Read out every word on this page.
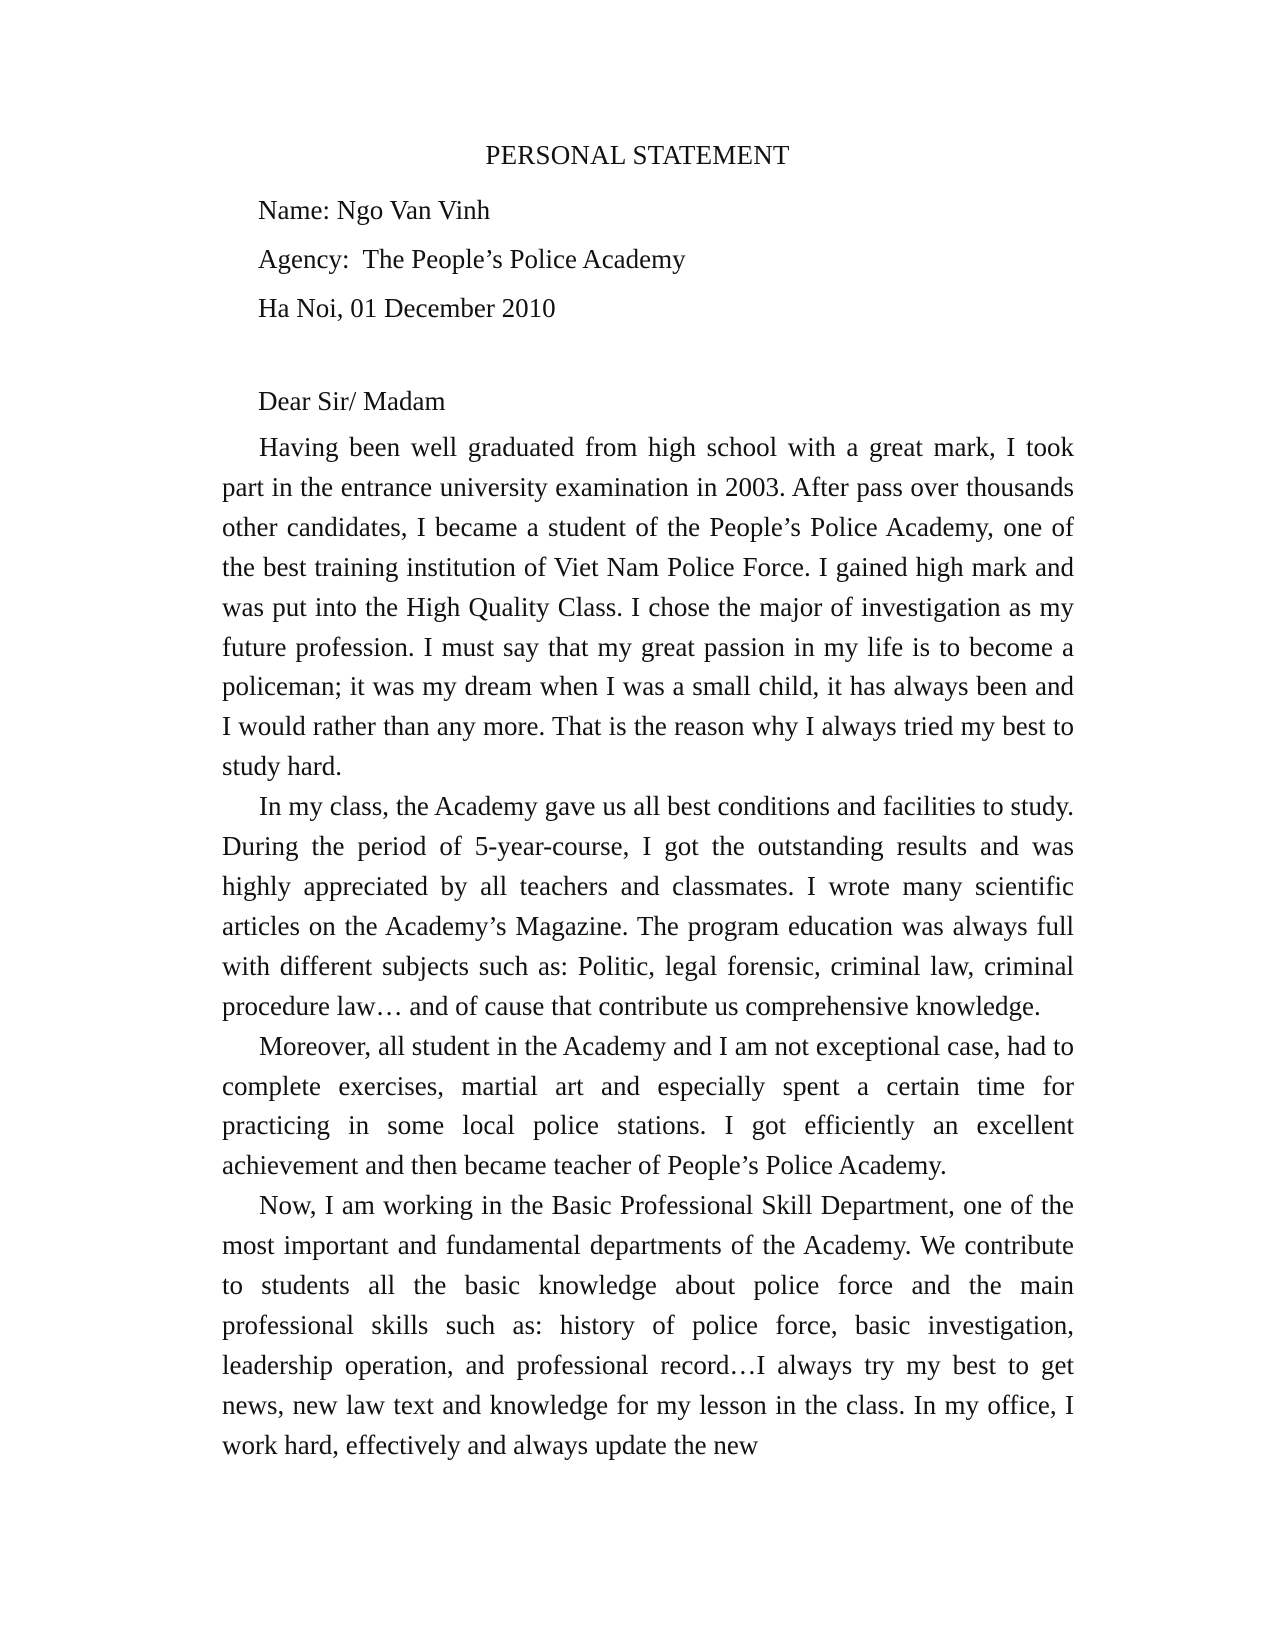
PERSONAL STATEMENT
Name: Ngo Van Vinh
Agency:  The People’s Police Academy
Ha Noi, 01 December 2010
Dear Sir/ Madam

Having been well graduated from high school with a great mark, I took part in the entrance university examination in 2003. After pass over thousands other candidates, I became a student of the People’s Police Academy, one of the best training institution of Viet Nam Police Force. I gained high mark and was put into the High Quality Class. I chose the major of investigation as my future profession. I must say that my great passion in my life is to become a policeman; it was my dream when I was a small child, it has always been and I would rather than any more. That is the reason why I always tried my best to study hard.

In my class, the Academy gave us all best conditions and facilities to study. During the period of 5-year-course, I got the outstanding results and was highly appreciated by all teachers and classmates. I wrote many scientific articles on the Academy’s Magazine. The program education was always full with different subjects such as: Politic, legal forensic, criminal law, criminal procedure law… and of cause that contribute us comprehensive knowledge.

Moreover, all student in the Academy and I am not exceptional case, had to complete exercises, martial art and especially spent a certain time for practicing in some local police stations. I got efficiently an excellent achievement and then became teacher of People’s Police Academy.

Now, I am working in the Basic Professional Skill Department, one of the most important and fundamental departments of the Academy. We contribute to students all the basic knowledge about police force and the main professional skills such as: history of police force, basic investigation, leadership operation, and professional record…I always try my best to get news, new law text and knowledge for my lesson in the class. In my office, I work hard, effectively and always update the new
